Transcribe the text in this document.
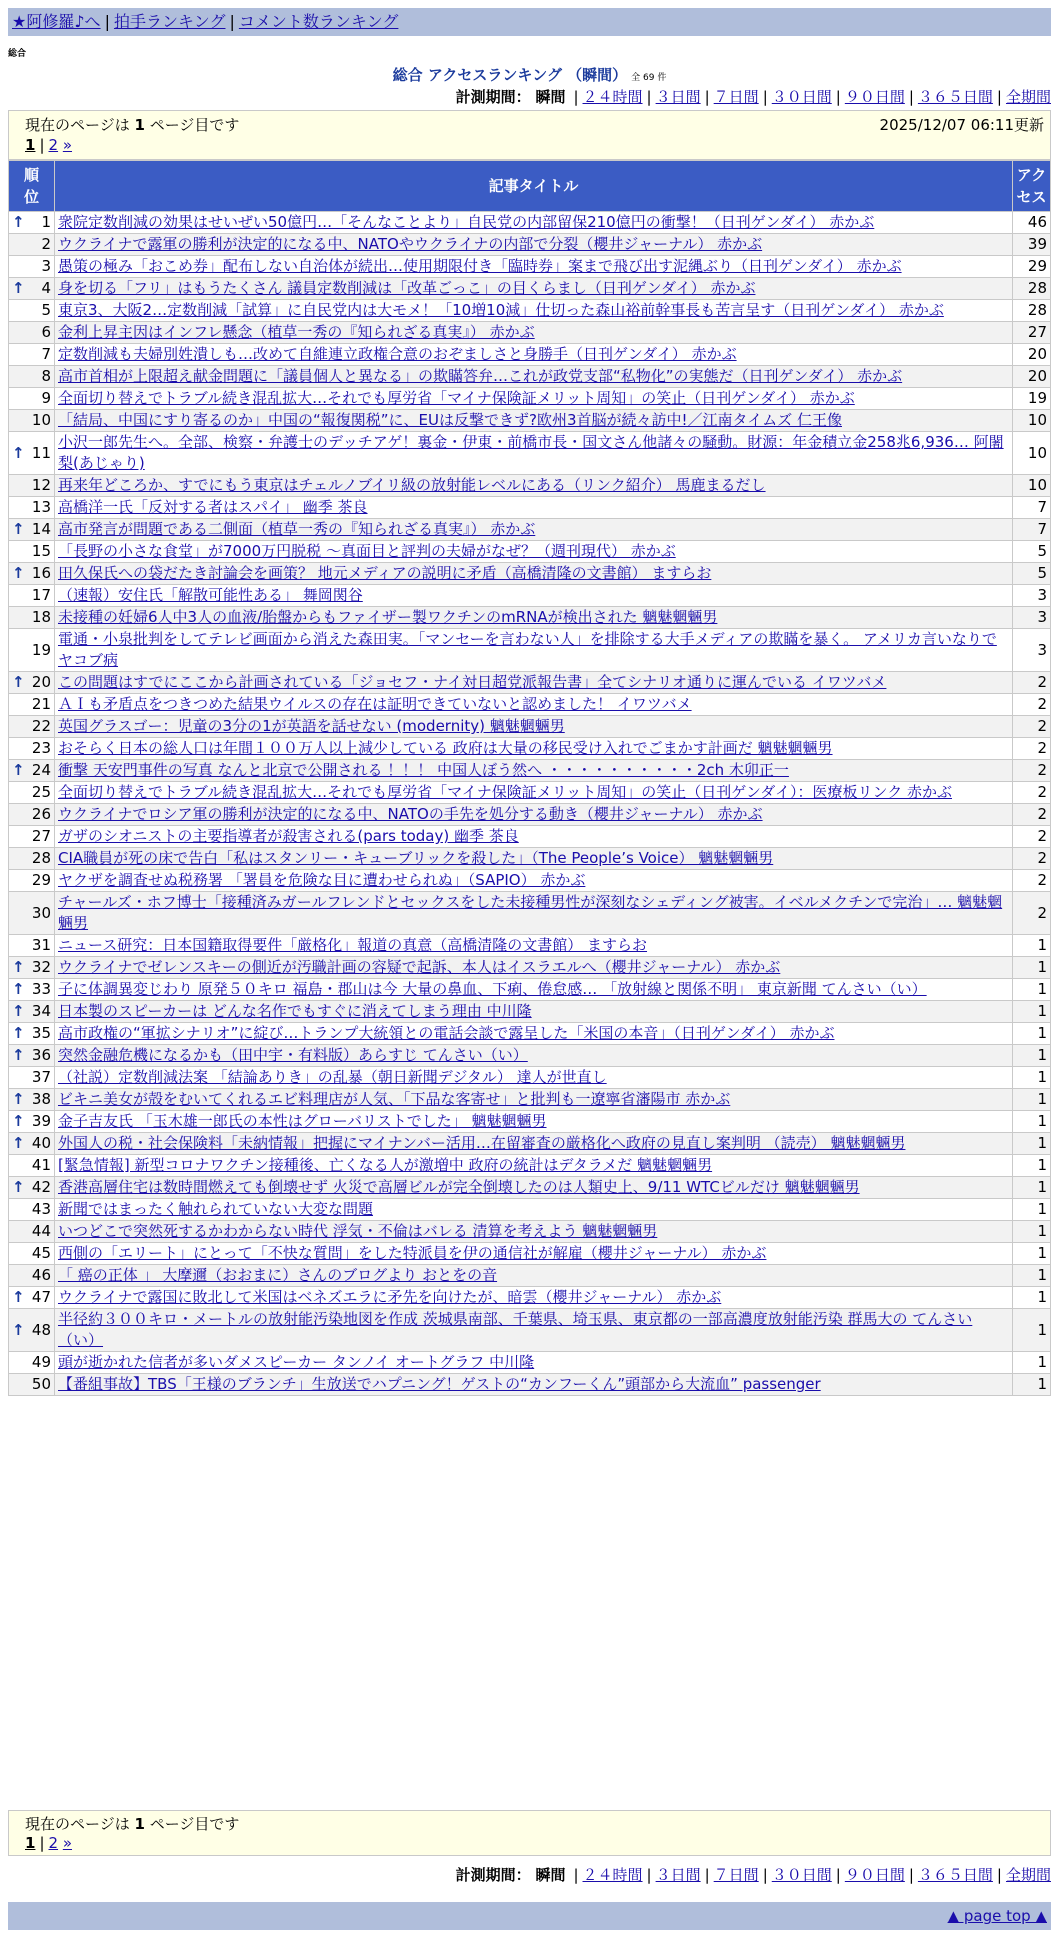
★阿修羅♪へ | 拍手ランキング | コメント数ランキング
総合
総合 アクセスランキング （瞬間） 全 69 件
計測期間： 瞬間 | ２４時間 | ３日間 | ７日間 | ３０日間 | ９０日間 | ３６５日間 | 全期間
現在のページは 1 ページ目です	2025/12/07 06:11更新
1 | 2 »
順位	記事タイトル	アクセス

↑ 1	衆院定数削減の効果はせいぜい50億円…「そんなことより」自民党の内部留保210億円の衝撃！（日刊ゲンダイ） 赤かぶ	46
2	ウクライナで露軍の勝利が決定的になる中、NATOやウクライナの内部で分裂（櫻井ジャーナル） 赤かぶ	39
3	愚策の極み「おこめ券」配布しない自治体が続出…使用期限付き「臨時券」案まで飛び出す泥縄ぶり（日刊ゲンダイ） 赤かぶ	29

↑ 4	身を切る「フリ」はもうたくさん 議員定数削減は「改革ごっこ」の目くらまし（日刊ゲンダイ） 赤かぶ	28
5	東京3、大阪2…定数削減「試算」に自民党内は大モメ！「10増10減」仕切った森山裕前幹事長も苦言呈す（日刊ゲンダイ） 赤かぶ	28
6	金利上昇主因はインフレ懸念（植草一秀の『知られざる真実』） 赤かぶ	27
7	定数削減も夫婦別姓潰しも…改めて自維連立政権合意のおぞましさと身勝手（日刊ゲンダイ） 赤かぶ	20
8	高市首相が上限超え献金問題に「議員個人と異なる」の欺瞞答弁…これが政党支部“私物化”の実態だ（日刊ゲンダイ） 赤かぶ	20
9	全面切り替えでトラブル続き混乱拡大…それでも厚労省「マイナ保険証メリット周知」の笑止（日刊ゲンダイ） 赤かぶ	19
10	「結局、中国にすり寄るのか」中国の“報復関税”に、EUは反撃できず?欧州3首脳が続々訪中!／江南タイムズ 仁王像	10

↑ 11	小沢一郎先生へ。全部、検察・弁護士のデッチアゲ！裏金・伊東・前橋市長・国文さん他諸々の騒動。財源：年金積立金258兆6,936… 阿闍梨(あじゃり)	10
12	再来年どころか、すでにもう東京はチェルノブイリ級の放射能レベルにある（リンク紹介） 馬鹿まるだし	10
13	高橋洋一氏「反対する者はスパイ」 幽季 茶良	7

↑ 14	高市発言が問題である二側面（植草一秀の『知られざる真実』） 赤かぶ	7
15	「長野の小さな食堂」が7000万円脱税 ～真面目と評判の夫婦がなぜ？（週刊現代） 赤かぶ	5

↑ 16	田久保氏への袋だたき討論会を画策？ 地元メディアの説明に矛盾（高橋清隆の文書館） ますらお	5
17	（速報）安住氏「解散可能性ある」 舞岡関谷	3
18	未接種の妊婦6人中3人の血液/胎盤からもファイザー製ワクチンのmRNAが検出された 魑魅魍魎男	3
19	電通・小泉批判をしてテレビ画面から消えた森田実。「マンセーを言わない人」を排除する大手メディアの欺瞞を暴く。 アメリカ言いなりでヤコブ病	3

↑ 20	この問題はすでにここから計画されている「ジョセフ・ナイ対日超党派報告書」全てシナリオ通りに運んでいる イワツバメ	2
21	ＡＩも矛盾点をつきつめた結果ウイルスの存在は証明できていないと認めました！ イワツバメ	2
22	英国グラスゴー：児童の3分の1が英語を話せない (modernity) 魑魅魍魎男	2
23	おそらく日本の総人口は年間１００万人以上減少している 政府は大量の移民受け入れでごまかす計画だ 魑魅魍魎男	2

↑ 24	衝撃 天安門事件の写真 なんと北京で公開される ！！！ 中国人ぼう然へ ・・・・・・・・・・2ch 木卯正一	2
25	全面切り替えでトラブル続き混乱拡大…それでも厚労省「マイナ保険証メリット周知」の笑止（日刊ゲンダイ）：医療板リンク 赤かぶ	2
26	ウクライナでロシア軍の勝利が決定的になる中、NATOの手先を処分する動き（櫻井ジャーナル） 赤かぶ	2
27	ガザのシオニストの主要指導者が殺害される(pars today) 幽季 茶良	2
28	CIA職員が死の床で告白「私はスタンリー・キューブリックを殺した」（The People’s Voice） 魑魅魍魎男	2
29	ヤクザを調査せぬ税務署 「署員を危険な目に遭わせられぬ」（SAPIO） 赤かぶ	2
30	チャールズ・ホフ博士「接種済みガールフレンドとセックスをした未接種男性が深刻なシェディング被害。イベルメクチンで完治」… 魑魅魍魎男	2
31	ニュース研究：日本国籍取得要件「厳格化」報道の真意（高橋清隆の文書館） ますらお	1

↑ 32	ウクライナでゼレンスキーの側近が汚職計画の容疑で起訴、本人はイスラエルへ（櫻井ジャーナル） 赤かぶ	1

↑ 33	子に体調異変じわり 原発５０キロ 福島・郡山は今 大量の鼻血、下痢、倦怠感… 「放射線と関係不明」 東京新聞 てんさい（い）	1

↑ 34	日本製のスピーカーは どんな名作でもすぐに消えてしまう理由 中川隆	1

↑ 35	高市政権の“軍拡シナリオ”に綻び…トランプ大統領との電話会談で露呈した「米国の本音」（日刊ゲンダイ） 赤かぶ	1

↑ 36	突然金融危機になるかも（田中宇・有料版）あらすじ てんさい（い）	1
37	（社説）定数削減法案 「結論ありき」の乱暴（朝日新聞デジタル） 達人が世直し	1

↑ 38	ビキニ美女が殻をむいてくれるエビ料理店が人気、「下品な客寄せ」と批判も一遼寧省瀋陽市 赤かぶ	1

↑ 39	金子吉友氏 「玉木雄一郎氏の本性はグローバリストでした」 魑魅魍魎男	1

↑ 40	外国人の税・社会保険料「未納情報」把握にマイナンバー活用…在留審査の厳格化へ政府の見直し案判明 （読売） 魑魅魍魎男	1
41	[緊急情報] 新型コロナワクチン接種後、亡くなる人が激増中 政府の統計はデタラメだ 魑魅魍魎男	1

↑ 42	香港高層住宅は数時間燃えても倒壊せず 火災で高層ビルが完全倒壊したのは人類史上、9/11 WTCビルだけ 魑魅魍魎男	1
43	新聞ではまったく触れられていない大変な問題	1
44	いつどこで突然死するかわからない時代 浮気・不倫はバレる 清算を考えよう 魑魅魍魎男	1
45	西側の「エリート」にとって「不快な質問」をした特派員を伊の通信社が解雇（櫻井ジャーナル） 赤かぶ	1
46	「 癌の正体 」 大摩邇（おおまに）さんのブログより おとをの音	1

↑ 47	ウクライナで露国に敗北して米国はベネズエラに矛先を向けたが、暗雲（櫻井ジャーナル） 赤かぶ	1

↑ 48	半径約３００キロ・メートルの放射能汚染地図を作成 茨城県南部、千葉県、埼玉県、東京都の一部高濃度放射能汚染 群馬大の てんさい（い）	1
49	頭が逝かれた信者が多いダメスピーカー タンノイ オートグラフ 中川隆	1
50	【番組事故】TBS「王様のブランチ」生放送でハプニング！ゲストの“カンフーくん”頭部から大流血” passenger	1
現在のページは 1 ページ目です
1 | 2 »
計測期間： 瞬間 | ２４時間 | ３日間 | ７日間 | ３０日間 | ９０日間 | ３６５日間 | 全期間
▲ page top ▲
